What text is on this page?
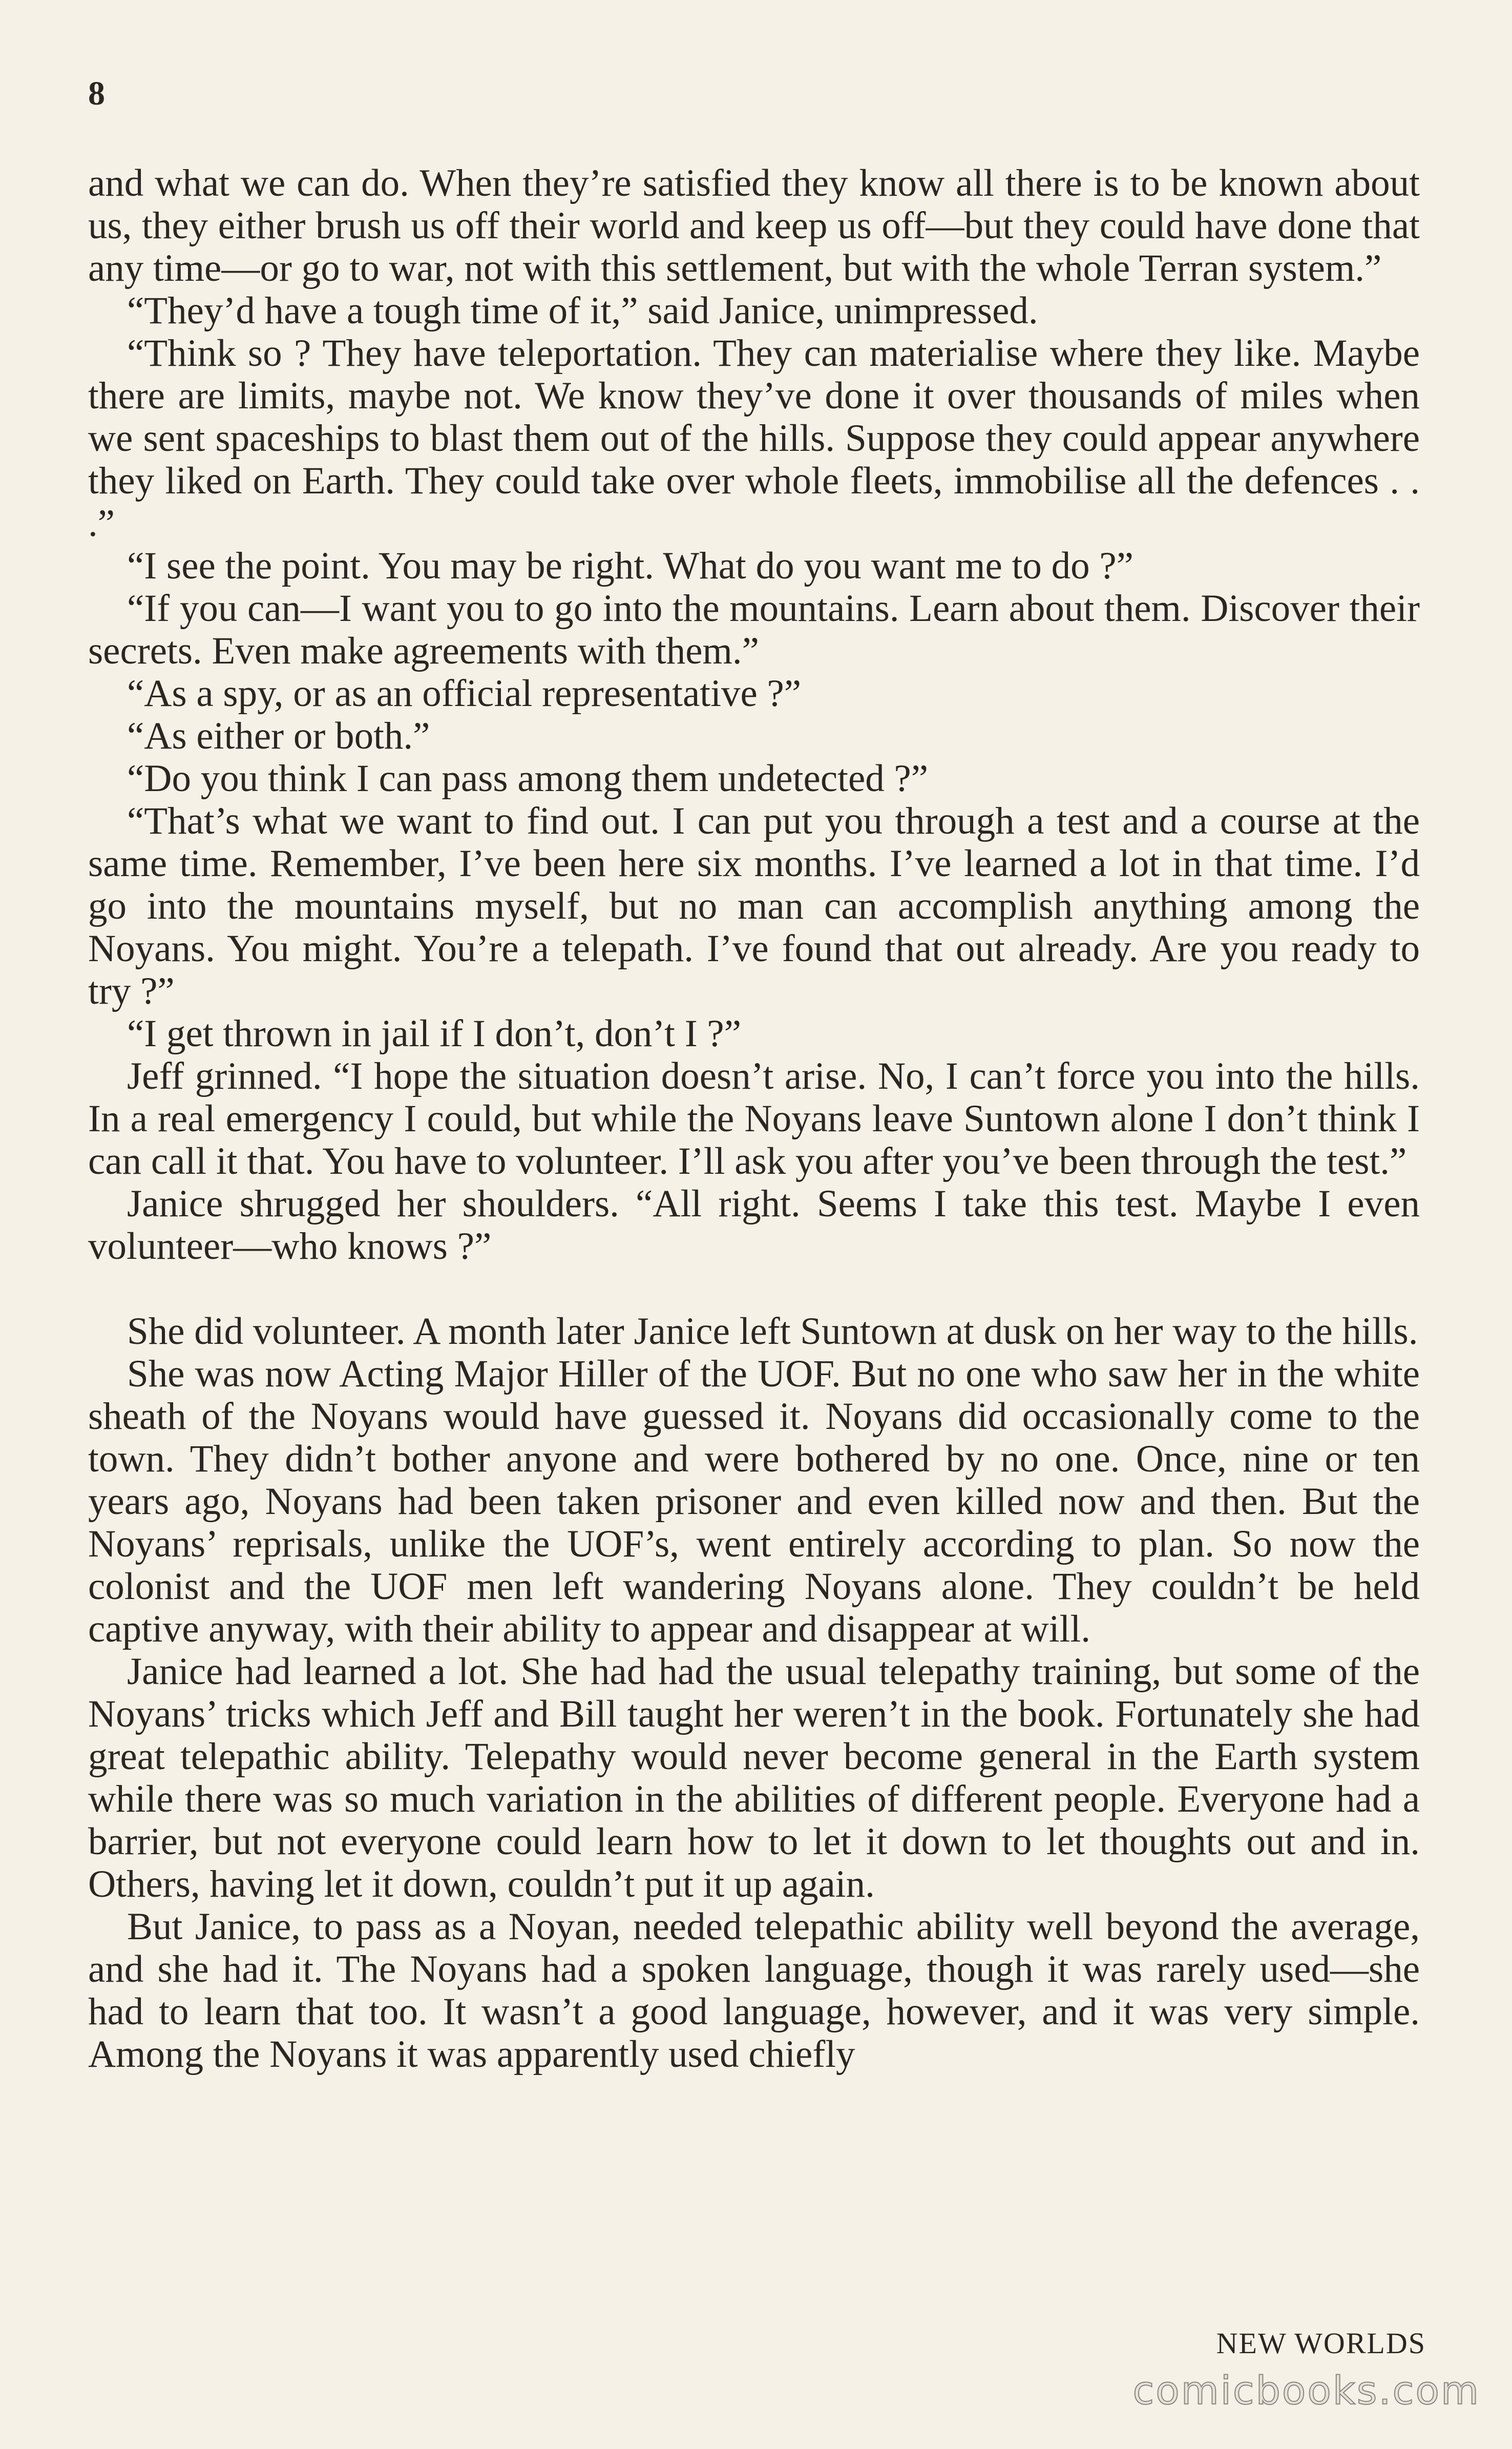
8

and what we can do. When they’re satisfied they know all there is to be known about us, they either brush us off their world and keep us off—but they could have done that any time—or go to war, not with this settlement, but with the whole Terran system.”

“They’d have a tough time of it,” said Janice, unimpressed.

“Think so ? They have teleportation. They can materialise where they like. Maybe there are limits, maybe not. We know they’ve done it over thousands of miles when we sent spaceships to blast them out of the hills. Suppose they could appear anywhere they liked on Earth. They could take over whole fleets, immobilise all the defences . . .”

“I see the point. You may be right. What do you want me to do ?”

“If you can—I want you to go into the mountains. Learn about them. Discover their secrets. Even make agreements with them.”

“As a spy, or as an official representative ?”

“As either or both.”

“Do you think I can pass among them undetected ?”

“That’s what we want to find out. I can put you through a test and a course at the same time. Remember, I’ve been here six months. I’ve learned a lot in that time. I’d go into the mountains myself, but no man can accomplish anything among the Noyans. You might. You’re a telepath. I’ve found that out already. Are you ready to try ?”

“I get thrown in jail if I don’t, don’t I ?”

Jeff grinned. “I hope the situation doesn’t arise. No, I can’t force you into the hills. In a real emergency I could, but while the Noyans leave Suntown alone I don’t think I can call it that. You have to volunteer. I’ll ask you after you’ve been through the test.”

Janice shrugged her shoulders. “All right. Seems I take this test. Maybe I even volunteer—who knows ?”

She did volunteer. A month later Janice left Suntown at dusk on her way to the hills.

She was now Acting Major Hiller of the UOF. But no one who saw her in the white sheath of the Noyans would have guessed it. Noyans did occasionally come to the town. They didn’t bother anyone and were bothered by no one. Once, nine or ten years ago, Noyans had been taken prisoner and even killed now and then. But the Noyans’ reprisals, unlike the UOF’s, went entirely according to plan. So now the colonist and the UOF men left wandering Noyans alone. They couldn’t be held captive anyway, with their ability to appear and disappear at will.

Janice had learned a lot. She had had the usual telepathy training, but some of the Noyans’ tricks which Jeff and Bill taught her weren’t in the book. Fortunately she had great telepathic ability. Telepathy would never become general in the Earth system while there was so much variation in the abilities of different people. Everyone had a barrier, but not everyone could learn how to let it down to let thoughts out and in. Others, having let it down, couldn’t put it up again.

But Janice, to pass as a Noyan, needed telepathic ability well beyond the average, and she had it. The Noyans had a spoken language, though it was rarely used—she had to learn that too. It wasn’t a good language, however, and it was very simple. Among the Noyans it was apparently used chiefly

NEW WORLDS
comicbooks.com
